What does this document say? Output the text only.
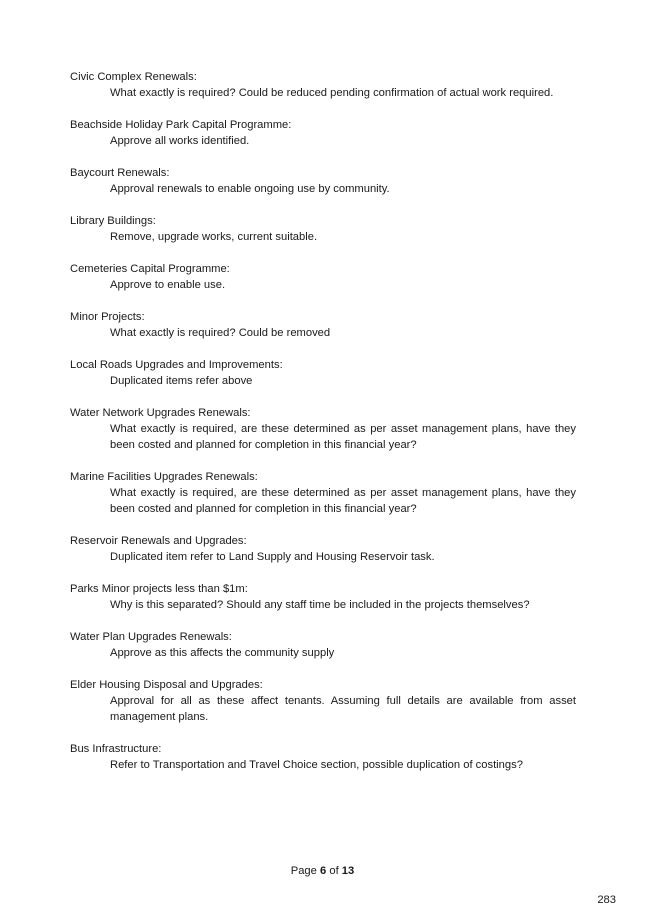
Civic Complex Renewals:
What exactly is required? Could be reduced pending confirmation of actual work required.
Beachside Holiday Park Capital Programme:
Approve all works identified.
Baycourt Renewals:
Approval renewals to enable ongoing use by community.
Library Buildings:
Remove, upgrade works, current suitable.
Cemeteries Capital Programme:
Approve to enable use.
Minor Projects:
What exactly is required? Could be removed
Local Roads Upgrades and Improvements:
Duplicated items refer above
Water Network Upgrades Renewals:
What exactly is required, are these determined as per asset management plans, have they been costed and planned for completion in this financial year?
Marine Facilities Upgrades Renewals:
What exactly is required, are these determined as per asset management plans, have they been costed and planned for completion in this financial year?
Reservoir Renewals and Upgrades:
Duplicated item refer to Land Supply and Housing Reservoir task.
Parks Minor projects less than $1m:
Why is this separated? Should any staff time be included in the projects themselves?
Water Plan Upgrades Renewals:
Approve as this affects the community supply
Elder Housing Disposal and Upgrades:
Approval for all as these affect tenants. Assuming full details are available from asset management plans.
Bus Infrastructure:
Refer to Transportation and Travel Choice section, possible duplication of costings?
Page 6 of 13
283
